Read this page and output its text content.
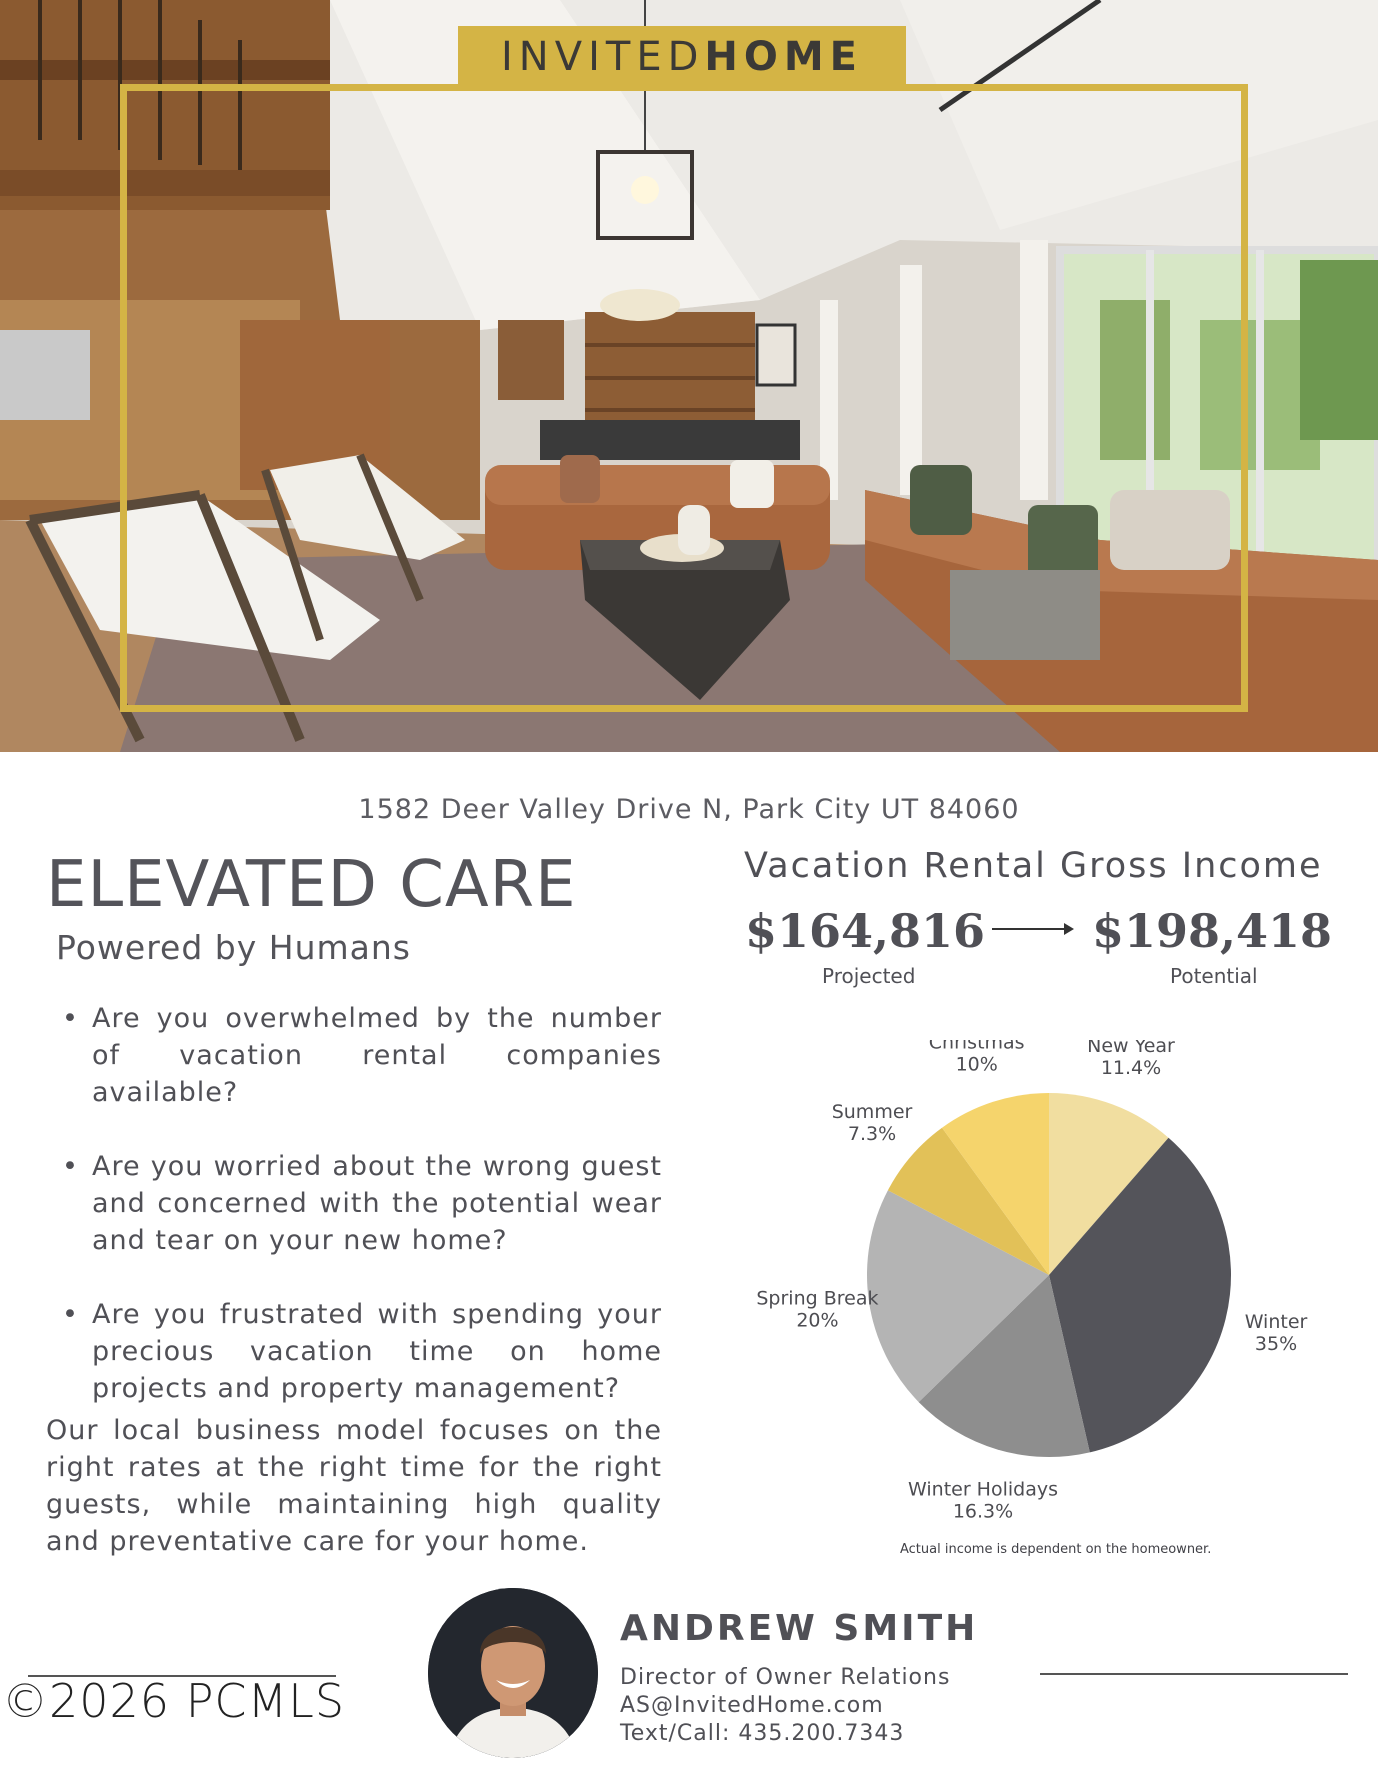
INVITEDHOME
1582 Deer Valley Drive N, Park City UT 84060
ELEVATED CARE
Powered by Humans
• Are you overwhelmed by the number of vacation rental companies available?
• Are you worried about the wrong guest and concerned with the potential wear and tear on your new home?
• Are you frustrated with spending your precious vacation time on home projects and property management?
Our local business model focuses on the right rates at the right time for the right guests, while maintaining high quality and preventative care for your home.
Vacation Rental Gross Income
$164,816 $198,418
Projected	Potential
New Year
11.4%
Winter
35%
Winter Holidays
16.3%
Spring Break
20%
Summer
7.3%
Christmas
10%
Actual income is dependent on the homeowner.
©2026 PCMLS
ANDREW SMITH
Director of Owner Relations
AS@InvitedHome.com
Text/Call: 435.200.7343
